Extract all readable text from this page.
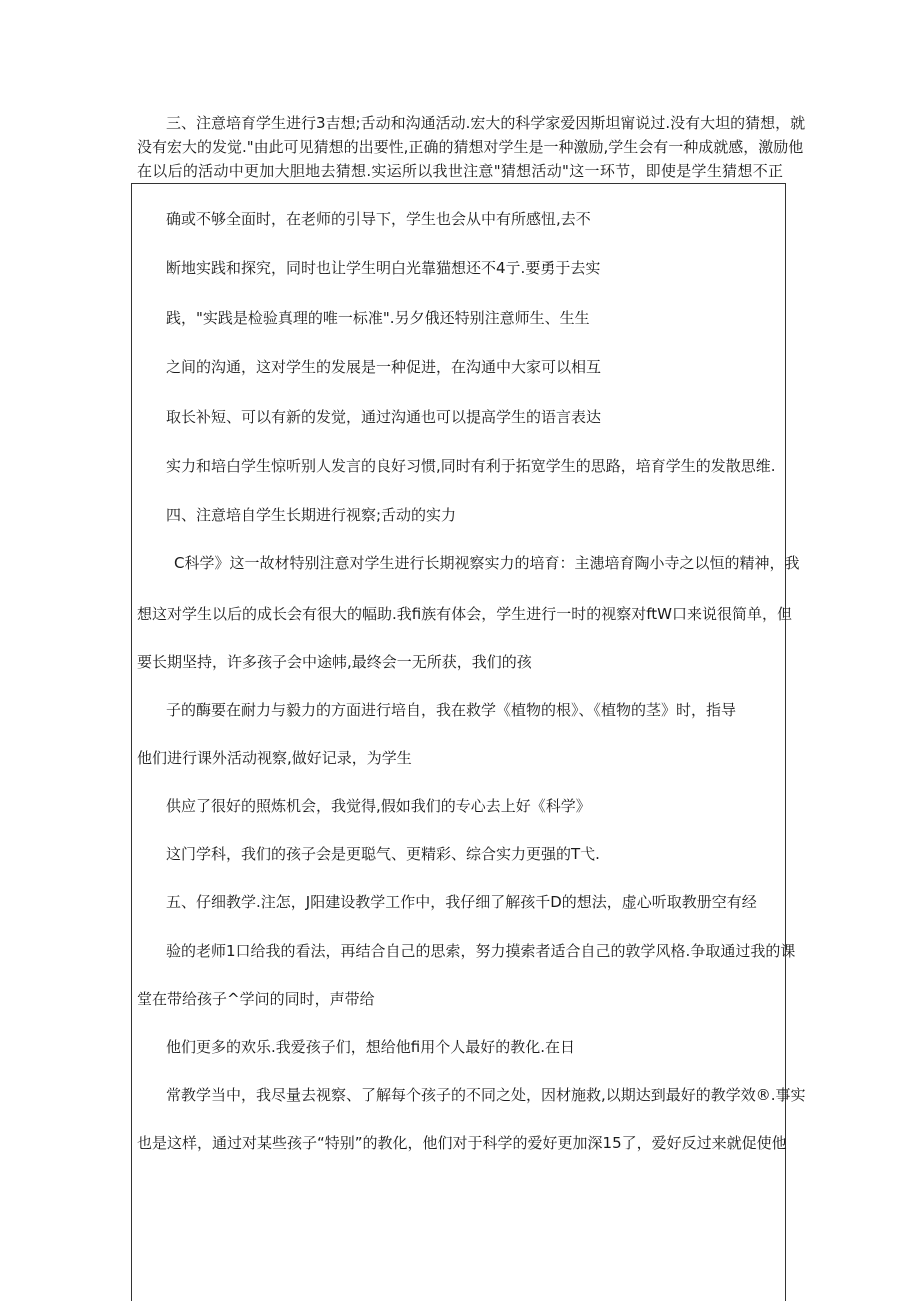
三、注意培育学生进行3吉想;舌动和沟通活动.宏大的科学家爱因斯坦甯说过.没有大坦的猜想，就
没有宏大的发觉."由此可见猜想的岀要性,正确的猜想对学生是一种激励,学生会有一种成就感，激励他
在以后的活动中更加大胆地去猜想.实运所以我世注意"猜想活动"这一环节，即使是学生猜想不正
确或不够全面时，在老师的引导下，学生也会从中有所感忸,去不
断地实践和探究，同时也让学生明白光靠猫想还不4亍.要勇于去实
践，"实践是检验真理的唯一标准".另夕俄还特别注意师生、生生
之间的沟通，这对学生的发展是一种促进，在沟通中大家可以相互
取长补短、可以有新的发觉，通过沟通也可以提高学生的语言表达
实力和培白学生惊听别人发言的良好习惯,同时有利于拓宽学生的思路，培育学生的发散思维.
四、注意培自学生长期进行视察;舌动的实力
C科学》这一故材特别注意对学生进行长期视察实力的培育：主漶培育陶小寺之以恒的精神，我
想这对学生以后的成长会有很大的幅助.我fi族有体会，学生进行一时的视察对ftW口来说很简单，但
要长期坚持，许多孩子会中途帏,最终会一无所获，我们的孩
子的酶要在耐力与毅力的方面进行培自，我在救学《植物的根》、《植物的茎》时，指导
他们进行课外活动视察,做好记录，为学生
供应了很好的照炼机会，我觉得,假如我们的专心去上好《科学》
这门学科，我们的孩子会是更聪气、更精彩、综合实力更强的T弋.
五、仔细教学.注怎，J阳建设教学工作中，我仔细了解孩千D的想法，虚心听取教册空有经
验的老师1口给我的看法，再结合自己的思索，努力摸索者适合自己的敦学风格.争取通过我的课
堂在带给孩子^学问的同时，声带给
他们更多的欢乐.我爱孩子们，想给他fi用个人最好的教化.在日
常教学当中，我尽量去视察、了解每个孩子的不同之处，因材施救,以期达到最好的教学效®.事实
也是这样，通过对某些孩子“特别”的教化，他们对于科学的爱好更加深15了，爱好反过来就促使他
